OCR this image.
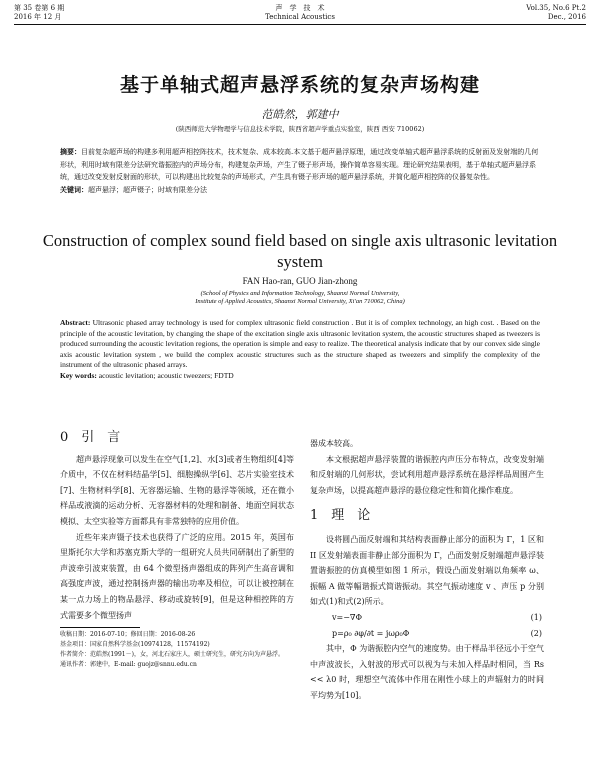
第 35 卷第 6 期
2016 年 12 月
声　学　技　术
Technical Acoustics
Vol.35, No.6 Pt.2
Dec., 2016
基于单轴式超声悬浮系统的复杂声场构建
范皓然，郭建中
(陕西师范大学物理学与信息技术学院，陕西省超声学重点实验室，陕西 西安 710062)
摘要：目前复杂超声场的构建多利用超声相控阵技术，技术复杂、成本较高.本文基于超声悬浮原理，通过改变单轴式超声悬浮系统的反射面及发射端的几何形状，利用时域有限差分法研究谐振腔内的声场分布，构建复杂声场，产生了镊子形声场，操作简单容易实现。理论研究结果表明，基于单轴式超声悬浮系统，通过改变发射反射面的形状，可以构建出比较复杂的声场形式，产生具有镊子形声场的超声悬浮系统，并简化超声相控阵的仪器复杂性。
关键词：超声悬浮；超声镊子；时域有限差分法
Construction of complex sound field based on single axis ultrasonic levitation system
FAN Hao-ran, GUO Jian-zhong
(School of Physics and Information Technology, Shaanxi Normal University,
Institute of Applied Acoustics, Shaanxi Normal University, Xi'an 710062, China)
Abstract: Ultrasonic phased array technology is used for complex ultrasonic field construction . But it is of complex technology, an high cost. . Based on the principle of the acoustic levitation, by changing the shape of the excitation single axis ultrasonic levitation system, the acoustic structures shaped as tweezers is produced surrounding the acoustic levitation regions, the operation is simple and easy to realize. The theoretical analysis indicate that by our convex side single axis acoustic levitation system , we build the complex acoustic structures such as the structure shaped as tweezers and simplify the complexity of the instrument of the ultrasonic phased arrays.
Key words: acoustic levitation; acoustic tweezers; FDTD

0　引　言

超声悬浮现象可以发生在空气[1,2]、水[3]或者生物组织[4]等介质中，不仅在材料结晶学[5]、细胞操纵学[6]、芯片实验室技术[7]、生物材料学[8]、无容器运输、生物的悬浮等领域，还在微小样品或液滴的运动分析、无容器材料的处理和制备、地面空间状态模拟、太空实验等方面都具有非常独特的应用价值。

近些年来声镊子技术也获得了广泛的应用。2015 年，英国布里斯托尔大学和苏塞克斯大学的一组研究人员共同研制出了新型的声波牵引波束装置，由 64 个微型扬声器组成的阵列产生高音调和高强度声波，通过控制扬声器的输出功率及相位，可以让被控制在某一点力场上的物品悬浮、移动或旋转[9]，但是这种相控阵的方式需要多个微型扬声

收稿日期：2016-07-10；修回日期：2016-08-26

基金项目：国家自然科学基金(10974128，11574192)

作者简介：范皓然(1991－)，女，河北石家庄人，硕士研究生，研究方向为声悬浮。

通讯作者：郭建中，E-mail: guojz@snnu.edu.cn

器成本较高。

本文根据超声悬浮装置的谐振腔内声压分布特点，改变发射端和反射端的几何形状，尝试利用超声悬浮系统在悬浮样品周围产生复杂声场，以提高超声悬浮的悬位稳定性和简化操作难度。

1　理　论

设将圆凸面反射端和其结构表面静止部分的面积为 Γ，1 区和 II 区发射端表面非静止部分面积为 Γ，凸面发射反射端超声悬浮装置谐振腔的仿真模型如图 1 所示，假设凸面发射端以角频率 ω、振幅 A 做等幅谐振式简谐振动。其空气振动速度 v 、声压 p 分别如式(1)和式(2)所示。

v=−∇Φ	(1)
p=ρ₀ ∂φ/∂t = jωρ₀Φ	(2)

其中，Φ 为谐振腔内空气的速度势。由于样品半径远小于空气中声波波长，入射波的形式可以视为与未加入样品时相同，当 Rs << λ0 时，理想空气流体中作用在刚性小球上的声辐射力的时间平均势为[10]。
